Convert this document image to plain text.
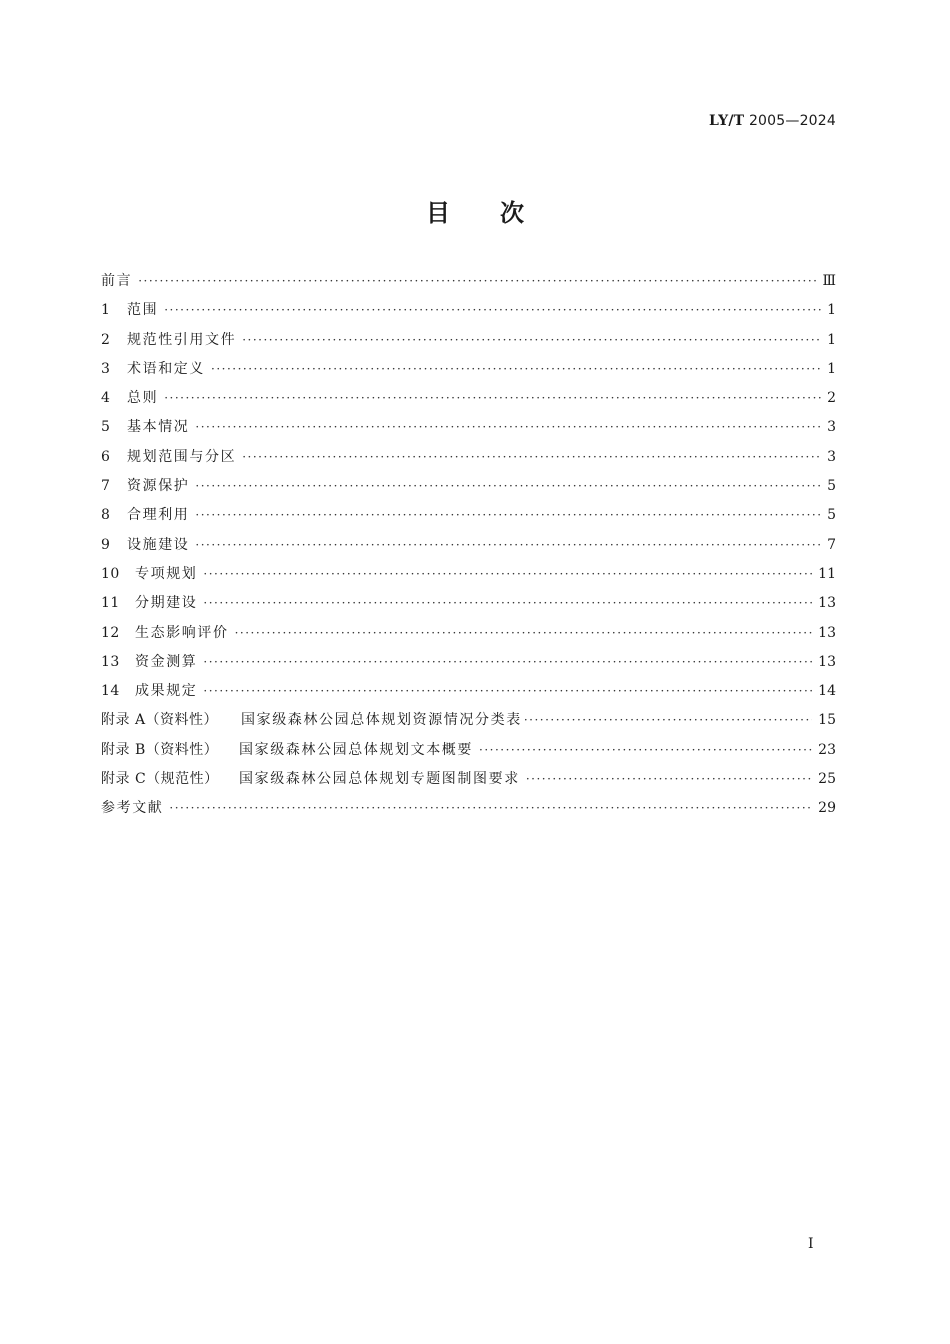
LY/T 2005—2024
目 次
前言 ·····	Ⅲ
1	范围 ·····	1
2	规范性引用文件 ·····	1
3	术语和定义 ·····	1
4	总则 ·····	2
5	基本情况 ·····	3
6	规划范围与分区 ·····	3
7	资源保护 ·····	5
8	合理利用 ·····	5
9	设施建设 ·····	7
10	专项规划 ·····	11
11	分期建设 ·····	13
12	生态影响评价 ·····	13
13	资金测算 ·····	13
14	成果规定 ·····	14
附录 A（资料性）	国家级森林公园总体规划资源情况分类表 ·····	15
附录 B（资料性）	国家级森林公园总体规划文本概要 ·····	23
附录 C（规范性）	国家级森林公园总体规划专题图制图要求 ·····	25
参考文献 ·····	29
I
